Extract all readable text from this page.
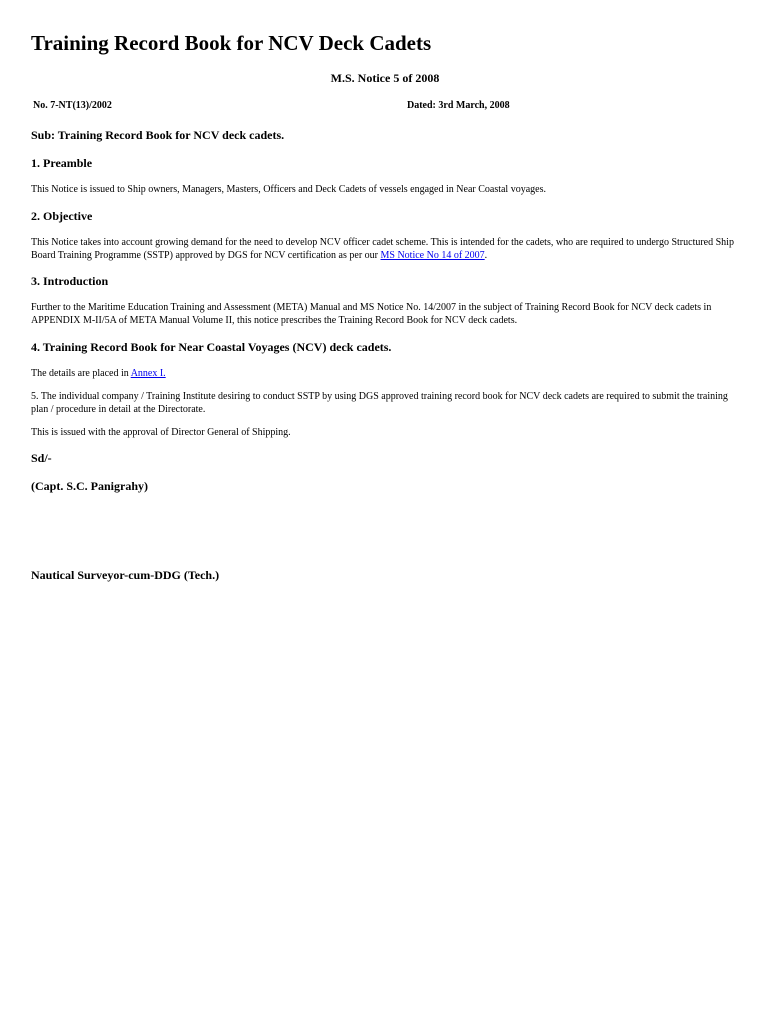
Training Record Book for NCV Deck Cadets
M.S. Notice 5 of 2008
No. 7-NT(13)/2002	Dated: 3rd March, 2008
Sub: Training Record Book for NCV deck cadets.
1. Preamble

This Notice is issued to Ship owners, Managers, Masters, Officers and Deck Cadets of vessels engaged in Near Coastal voyages.

2. Objective

This Notice takes into account growing demand for the need to develop NCV officer cadet scheme. This is intended for the cadets, who are required to undergo Structured Ship Board Training Programme (SSTP) approved by DGS for NCV certification as per our MS Notice No 14 of 2007.

3. Introduction

Further to the Maritime Education Training and Assessment (META) Manual and MS Notice No. 14/2007 in the subject of Training Record Book for NCV deck cadets in APPENDIX M-II/5A of META Manual Volume II, this notice prescribes the Training Record Book for NCV deck cadets.

4. Training Record Book for Near Coastal Voyages (NCV) deck cadets.

The details are placed in Annex I.

5. The individual company / Training Institute desiring to conduct SSTP by using DGS approved training record book for NCV deck cadets are required to submit the training plan / procedure in detail at the Directorate.

This is issued with the approval of Director General of Shipping.

Sd/-
(Capt. S.C. Panigrahy)
Nautical Surveyor-cum-DDG (Tech.)
